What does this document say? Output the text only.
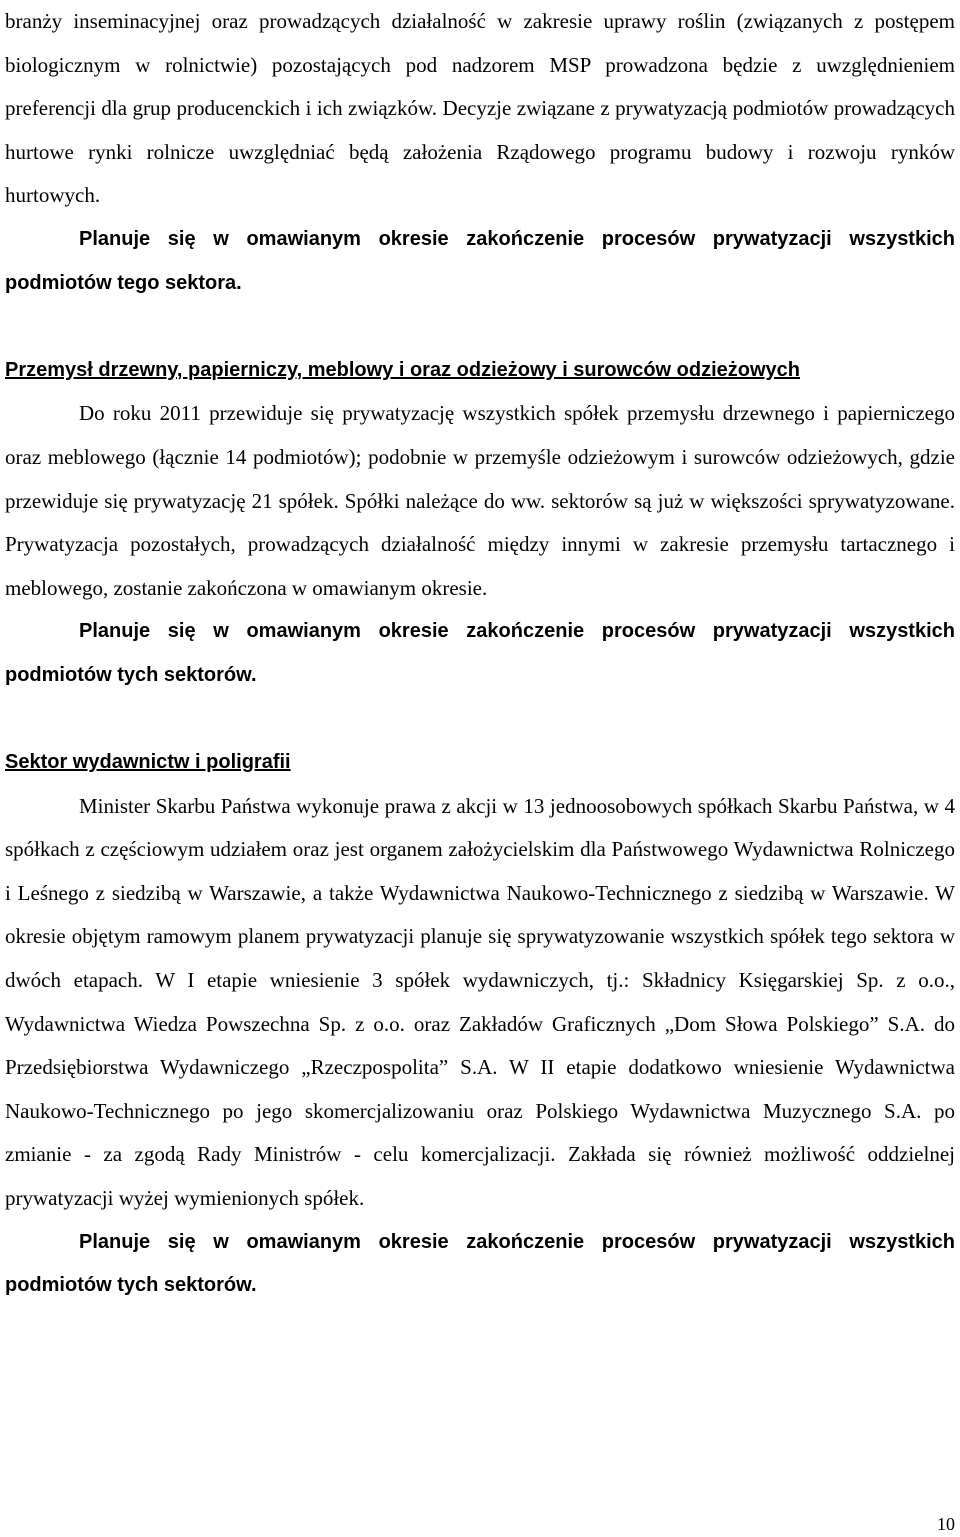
branży inseminacyjnej oraz prowadzących działalność w zakresie uprawy roślin (związanych z postępem biologicznym w rolnictwie) pozostających pod nadzorem MSP prowadzona będzie z uwzględnieniem preferencji dla grup producenckich i ich związków. Decyzje związane z prywatyzacją podmiotów prowadzących hurtowe rynki rolnicze uwzględniać będą założenia Rządowego programu budowy i rozwoju rynków hurtowych.

Planuje się w omawianym okresie zakończenie procesów prywatyzacji wszystkich podmiotów tego sektora.

Przemysł drzewny, papierniczy, meblowy i oraz odzieżowy i surowców odzieżowych

Do roku 2011 przewiduje się prywatyzację wszystkich spółek przemysłu drzewnego i papierniczego oraz meblowego (łącznie 14 podmiotów); podobnie w przemyśle odzieżowym i surowców odzieżowych, gdzie przewiduje się prywatyzację 21 spółek. Spółki należące do ww. sektorów są już w większości sprywatyzowane. Prywatyzacja pozostałych, prowadzących działalność między innymi w zakresie przemysłu tartacznego i meblowego, zostanie zakończona w omawianym okresie.

Planuje się w omawianym okresie zakończenie procesów prywatyzacji wszystkich podmiotów tych sektorów.

Sektor wydawnictw i poligrafii

Minister Skarbu Państwa wykonuje prawa z akcji w 13 jednoosobowych spółkach Skarbu Państwa, w 4 spółkach z częściowym udziałem oraz jest organem założycielskim dla Państwowego Wydawnictwa Rolniczego i Leśnego z siedzibą w Warszawie, a także Wydawnictwa Naukowo-Technicznego z siedzibą w Warszawie. W okresie objętym ramowym planem prywatyzacji planuje się sprywatyzowanie wszystkich spółek tego sektora w dwóch etapach. W I etapie wniesienie 3 spółek wydawniczych, tj.: Składnicy Księgarskiej Sp. z o.o., Wydawnictwa Wiedza Powszechna Sp. z o.o. oraz Zakładów Graficznych „Dom Słowa Polskiego” S.A. do Przedsiębiorstwa Wydawniczego „Rzeczpospolita” S.A. W II etapie dodatkowo wniesienie Wydawnictwa Naukowo-Technicznego po jego skomercjalizowaniu oraz Polskiego Wydawnictwa Muzycznego S.A. po zmianie - za zgodą Rady Ministrów - celu komercjalizacji. Zakłada się również możliwość oddzielnej prywatyzacji wyżej wymienionych spółek.

Planuje się w omawianym okresie zakończenie procesów prywatyzacji wszystkich podmiotów tych sektorów.

10
